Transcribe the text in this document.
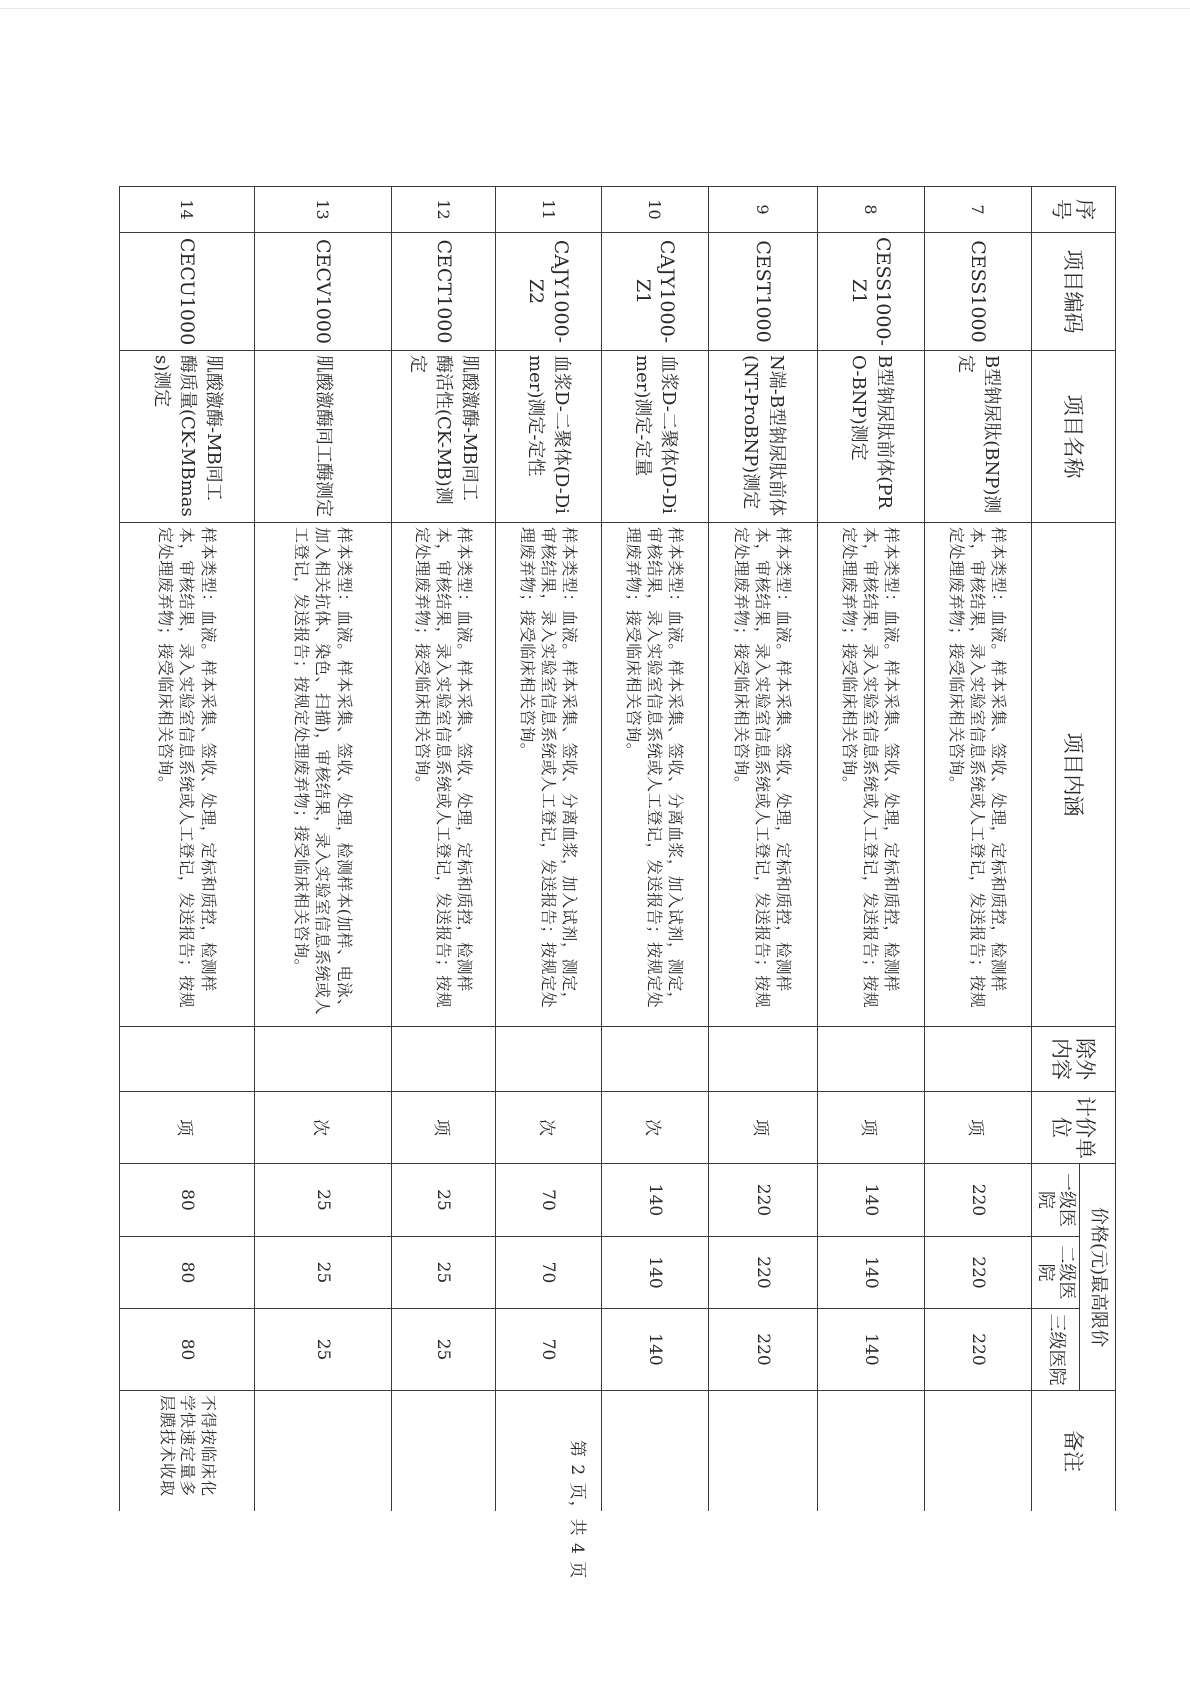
序号	项目编码	项目名称	项目内涵	除外内容	计价单位	价格(元)最高限价			备注
						一级医院	二级医院	三级医院	
7	CESS1000	B型钠尿肽(BNP)测定	样本类型：血液。样本采集、签收、处理，定标和质控，检测样本，审核结果，录入实验室信息系统或人工登记，发送报告；按规定处理废弃物；接受临床相关咨询。		项	220	220	220	
8	CESS1000-Z1	B型钠尿肽前体(PRO-BNP)测定	样本类型：血液。样本采集、签收、处理，定标和质控，检测样本，审核结果，录入实验室信息系统或人工登记，发送报告；按规定处理废弃物；接受临床相关咨询。		项	140	140	140	
9	CEST1000	N端-B型钠尿肽前体(NT-ProBNP)测定	样本类型：血液。样本采集、签收、处理，定标和质控，检测样本，审核结果，录入实验室信息系统或人工登记，发送报告；按规定处理废弃物；接受临床相关咨询。		项	220	220	220	
10	CAJY1000-Z1	血浆D-二聚体(D-Dimer)测定-定量	样本类型：血液。样本采集、签收、分离血浆，加入试剂，测定，审核结果，录入实验室信息系统或人工登记，发送报告；按规定处理废弃物；接受临床相关咨询。		次	140	140	140	
11	CAJY1000-Z2	血浆D-二聚体(D-Dimer)测定-定性	样本类型：血液。样本采集、签收、分离血浆，加入试剂，测定，审核结果，录入实验室信息系统或人工登记，发送报告；按规定处理废弃物；接受临床相关咨询。		次	70	70	70	
12	CECT1000	肌酸激酶-MB同工酶活性(CK-MB)测定	样本类型：血液。样本采集、签收、处理，定标和质控，检测样本，审核结果，录入实验室信息系统或人工登记，发送报告；按规定处理废弃物；接受临床相关咨询。		项	25	25	25	
13	CECV1000	肌酸激酶同工酶测定	样本类型：血液。样本采集、签收、处理，检测样本(加样、电泳、加入相关抗体、染色、扫描)，审核结果，录入实验室信息系统或人工登记，发送报告；按规定处理废弃物；接受临床相关咨询。		次	25	25	25	
14	CECU1000	肌酸激酶-MB同工酶质量(CK-MBmass)测定	样本类型：血液。样本采集、签收、处理，定标和质控，检测样本，审核结果，录入实验室信息系统或人工登记，发送报告；按规定处理废弃物；接受临床相关咨询。		项	80	80	80	不得按临床化学快速定量多层膜技术收取	第 2 页，共 4 页
